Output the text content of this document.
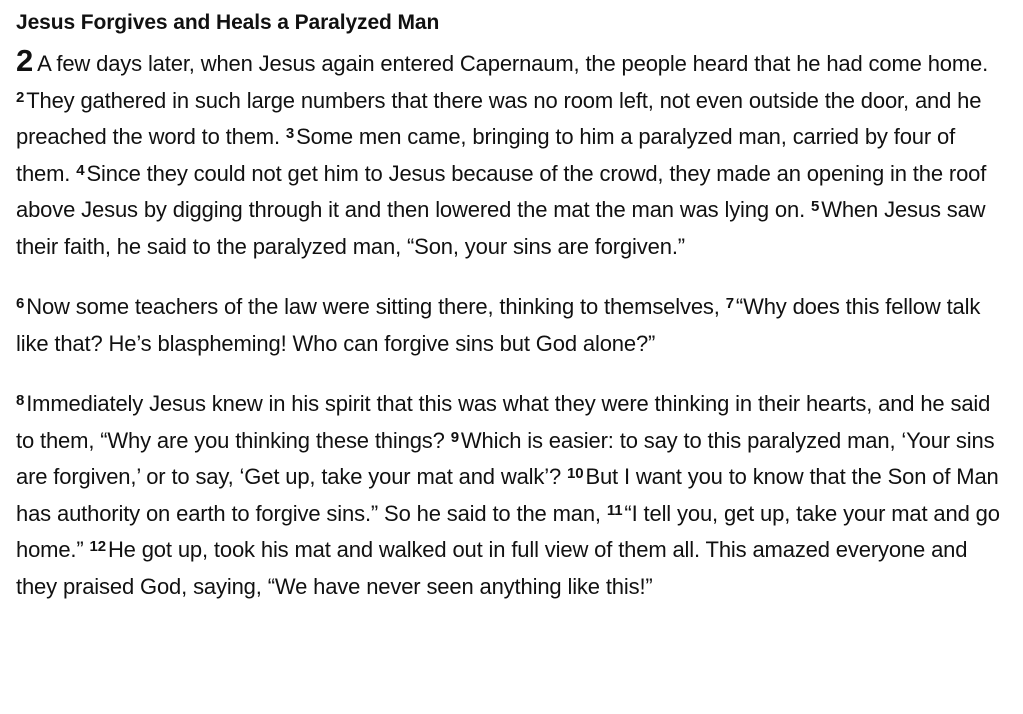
Jesus Forgives and Heals a Paralyzed Man

2 A few days later, when Jesus again entered Capernaum, the people heard that he had come home. $^2$They gathered in such large numbers that there was no room left, not even outside the door, and he preached the word to them. $^3$Some men came, bringing to him a paralyzed man, carried by four of them. $^4$Since they could not get him to Jesus because of the crowd, they made an opening in the roof above Jesus by digging through it and then lowered the mat the man was lying on. $^5$When Jesus saw their faith, he said to the paralyzed man, “Son, your sins are forgiven.”

$^6$Now some teachers of the law were sitting there, thinking to themselves, $^7$“Why does this fellow talk like that? He’s blaspheming! Who can forgive sins but God alone?”

$^8$Immediately Jesus knew in his spirit that this was what they were thinking in their hearts, and he said to them, “Why are you thinking these things? $^9$Which is easier: to say to this paralyzed man, ‘Your sins are forgiven,’ or to say, ‘Get up, take your mat and walk’? $^{10}$But I want you to know that the Son of Man has authority on earth to forgive sins.” So he said to the man, $^{11}$“I tell you, get up, take your mat and go home.” $^{12}$He got up, took his mat and walked out in full view of them all. This amazed everyone and they praised God, saying, “We have never seen anything like this!”
